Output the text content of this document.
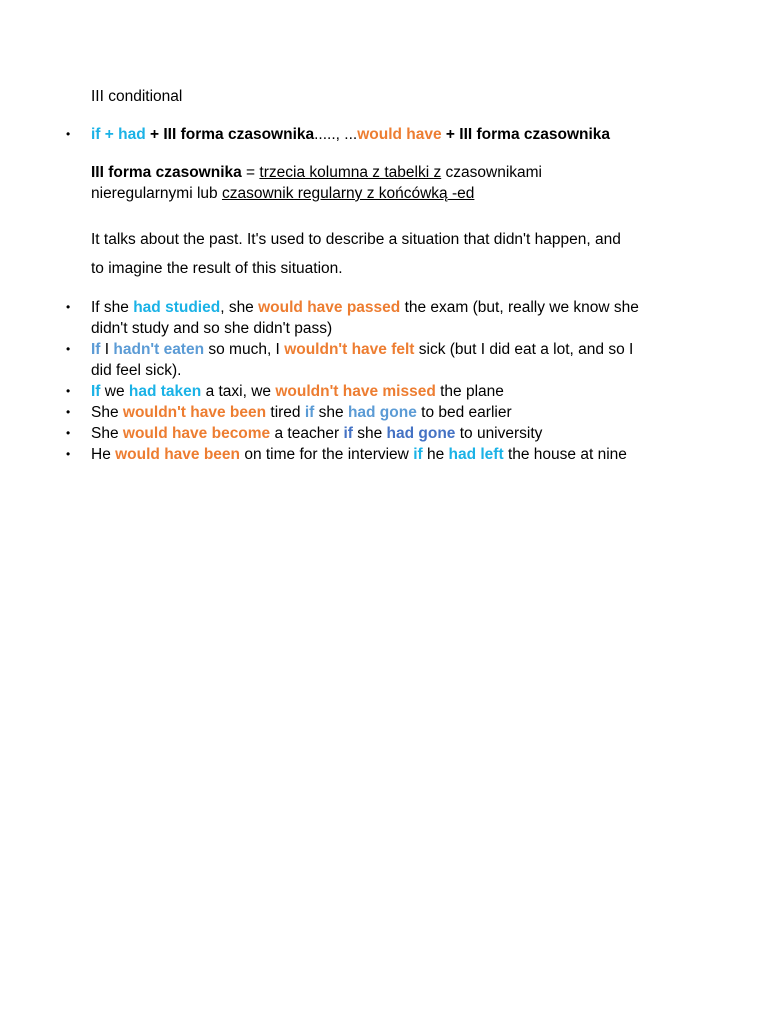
III conditional
• if + had + III forma czasownika....., ...would have + III forma czasownika
III forma czasownika = trzecia kolumna z tabelki z czasownikami
nieregularnymi lub czasownik regularny z końcówką -ed
It talks about the past. It's used to describe a situation that didn't happen, and
to imagine the result of this situation.
• If she had studied, she would have passed the exam (but, really we know she
didn't study and so she didn't pass)
• If I hadn't eaten so much, I wouldn't have felt sick (but I did eat a lot, and so I
did feel sick).
• If we had taken a taxi, we wouldn't have missed the plane
• She wouldn't have been tired if she had gone to bed earlier
• She would have become a teacher if she had gone to university
• He would have been on time for the interview if he had left the house at nine
